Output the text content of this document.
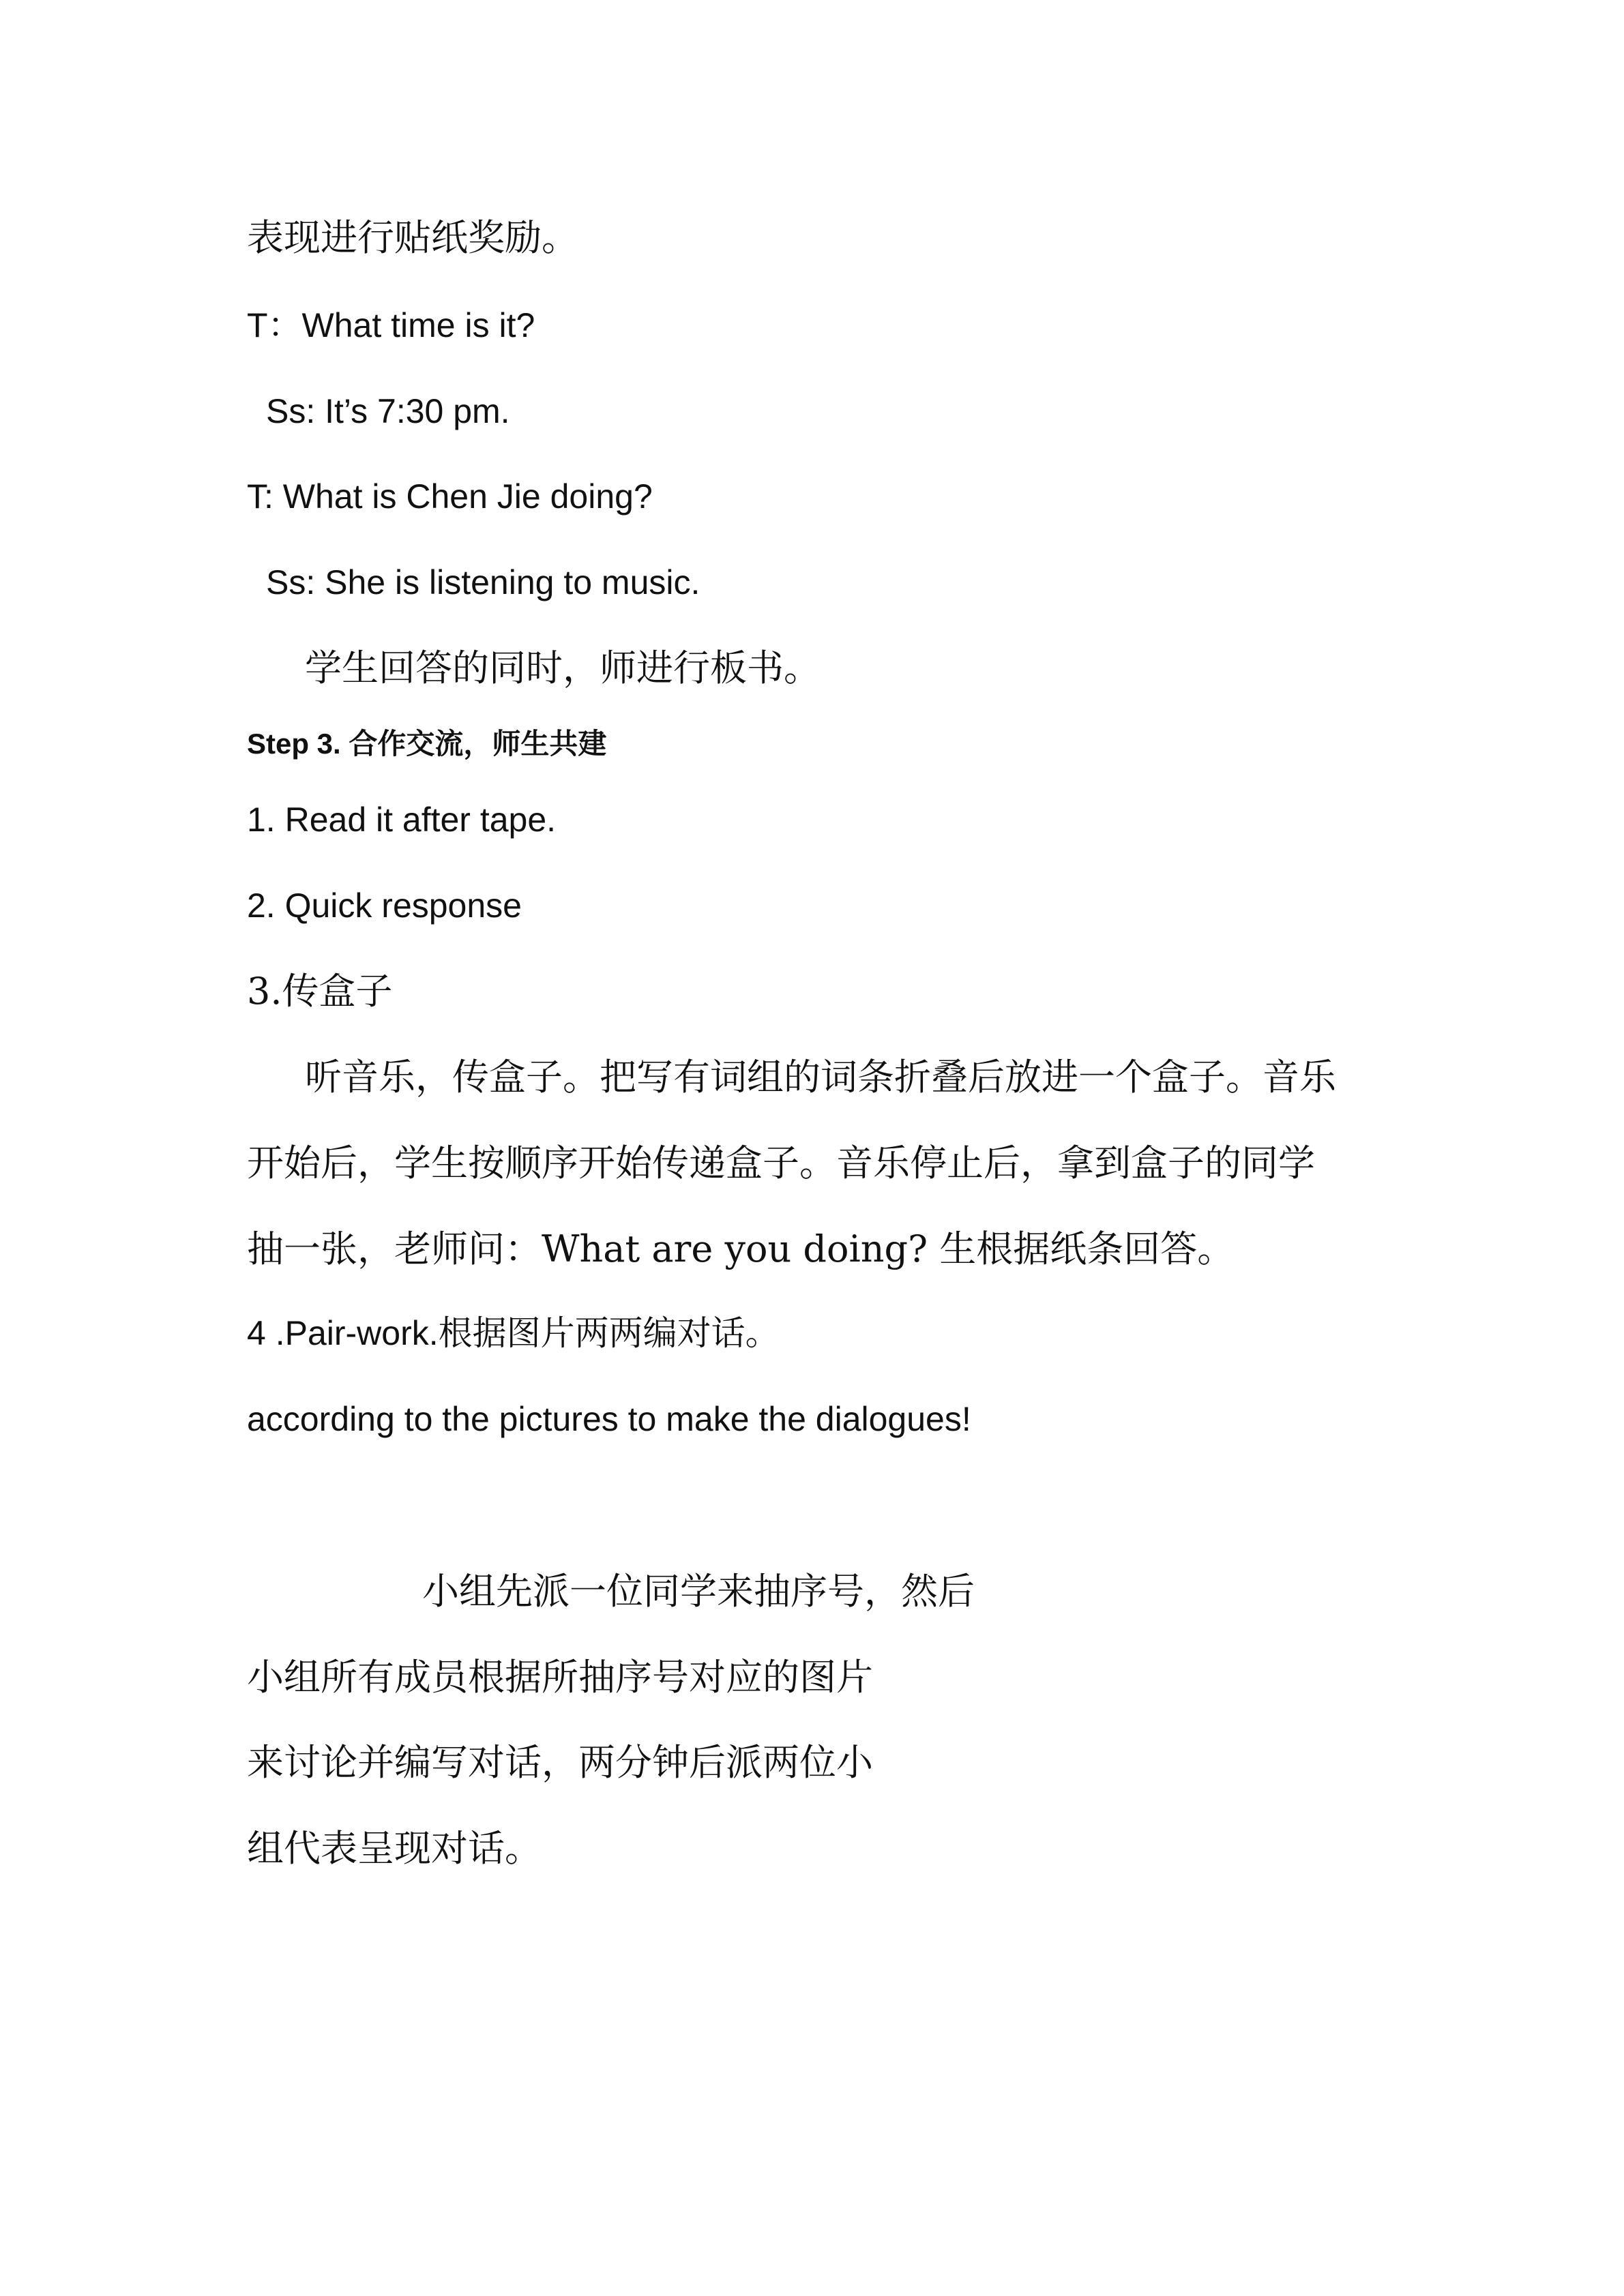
表现进行贴纸奖励。
T：What time is it?
Ss: It’s 7:30 pm.
T: What is Chen Jie doing?
Ss: She is listening to music.
学生回答的同时，师进行板书。
Step 3. 合作交流，师生共建
1. Read it after tape.
2. Quick response
3.传盒子
听音乐，传盒子。把写有词组的词条折叠后放进一个盒子。音乐
开始后，学生按顺序开始传递盒子。音乐停止后，拿到盒子的同学
抽一张，老师问：What are you doing? 生根据纸条回答。
4 .Pair-work.根据图片两两编对话。
according to the pictures to make the dialogues!
小组先派一位同学来抽序号，然后
小组所有成员根据所抽序号对应的图片
来讨论并编写对话，两分钟后派两位小
组代表呈现对话。
